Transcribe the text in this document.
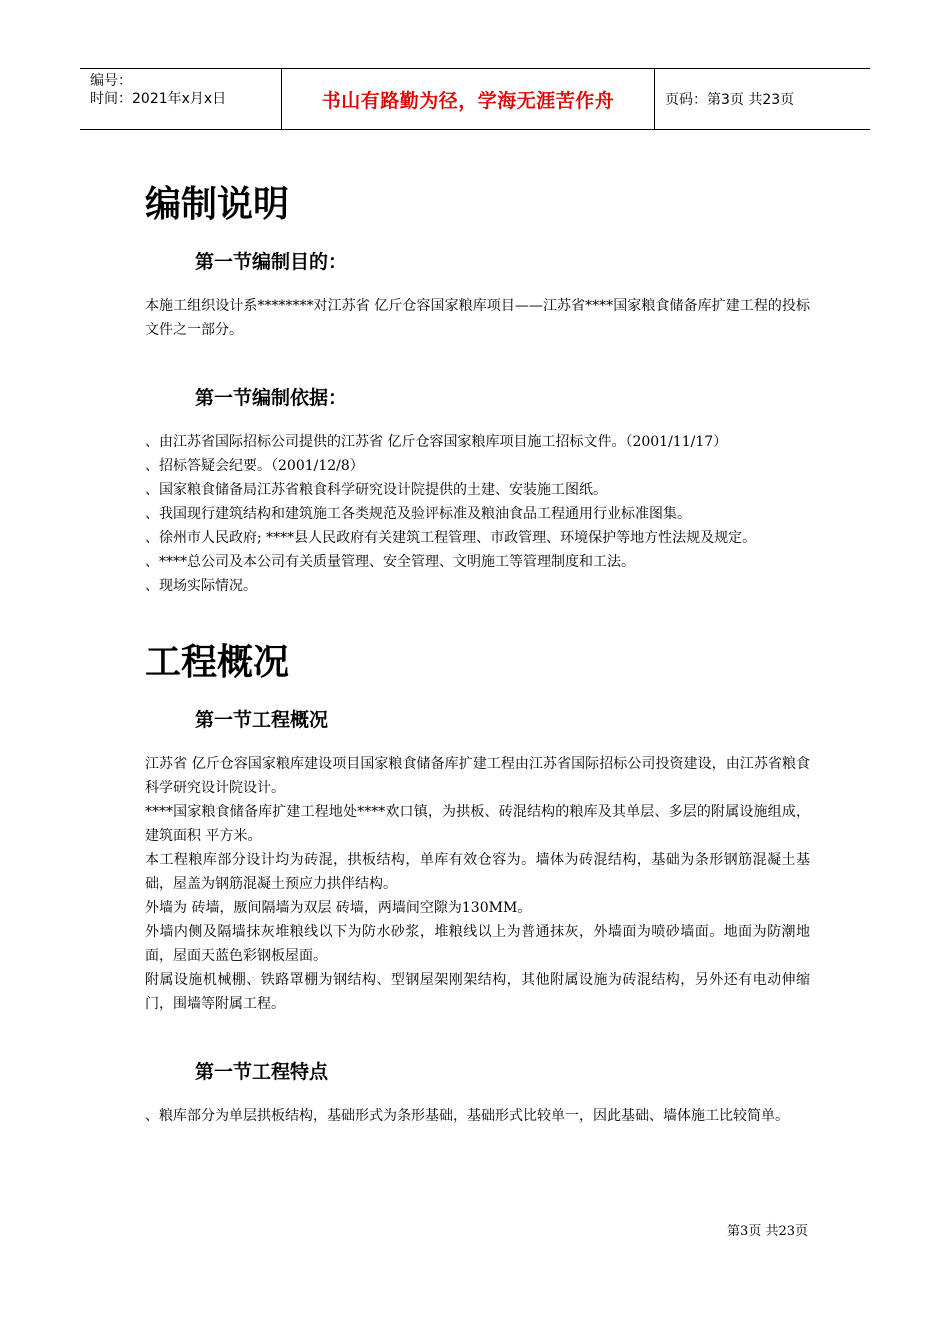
编号：
时间：2021年x月x日	书山有路勤为径，学海无涯苦作舟	页码：第3页 共23页
编制说明
第一节编制目的：

本施工组织设计系********对江苏省 亿斤仓容国家粮库项目——江苏省****国家粮食储备库扩建工程的投标文件之一部分。

第一节编制依据：

、由江苏省国际招标公司提供的江苏省 亿斤仓容国家粮库项目施工招标文件。（2001/11/17）

、招标答疑会纪要。（2001/12/8）

、国家粮食储备局江苏省粮食科学研究设计院提供的土建、安装施工图纸。

、我国现行建筑结构和建筑施工各类规范及验评标准及粮油食品工程通用行业标准图集。

、徐州市人民政府; ****县人民政府有关建筑工程管理、市政管理、环境保护等地方性法规及规定。

、****总公司及本公司有关质量管理、安全管理、文明施工等管理制度和工法。

、现场实际情况。

工程概况
第一节工程概况

江苏省 亿斤仓容国家粮库建设项目国家粮食储备库扩建工程由江苏省国际招标公司投资建设，由江苏省粮食科学研究设计院设计。

****国家粮食储备库扩建工程地处****欢口镇，为拱板、砖混结构的粮库及其单层、多层的附属设施组成，建筑面积 平方米。

本工程粮库部分设计均为砖混，拱板结构，单库有效仓容为。墙体为砖混结构，基础为条形钢筋混凝土基础，屋盖为钢筋混凝土预应力拱伴结构。

外墙为 砖墙，厫间隔墙为双层 砖墙，两墙间空隙为130MM。

外墙内侧及隔墙抹灰堆粮线以下为防水砂浆，堆粮线以上为普通抹灰，外墙面为喷砂墙面。地面为防潮地面，屋面天蓝色彩钢板屋面。

附属设施机械棚、铁路罩棚为钢结构、型钢屋架刚架结构，其他附属设施为砖混结构，另外还有电动伸缩门，围墙等附属工程。

第一节工程特点

、粮库部分为单层拱板结构，基础形式为条形基础，基础形式比较单一，因此基础、墙体施工比较简单。

第3页 共23页
